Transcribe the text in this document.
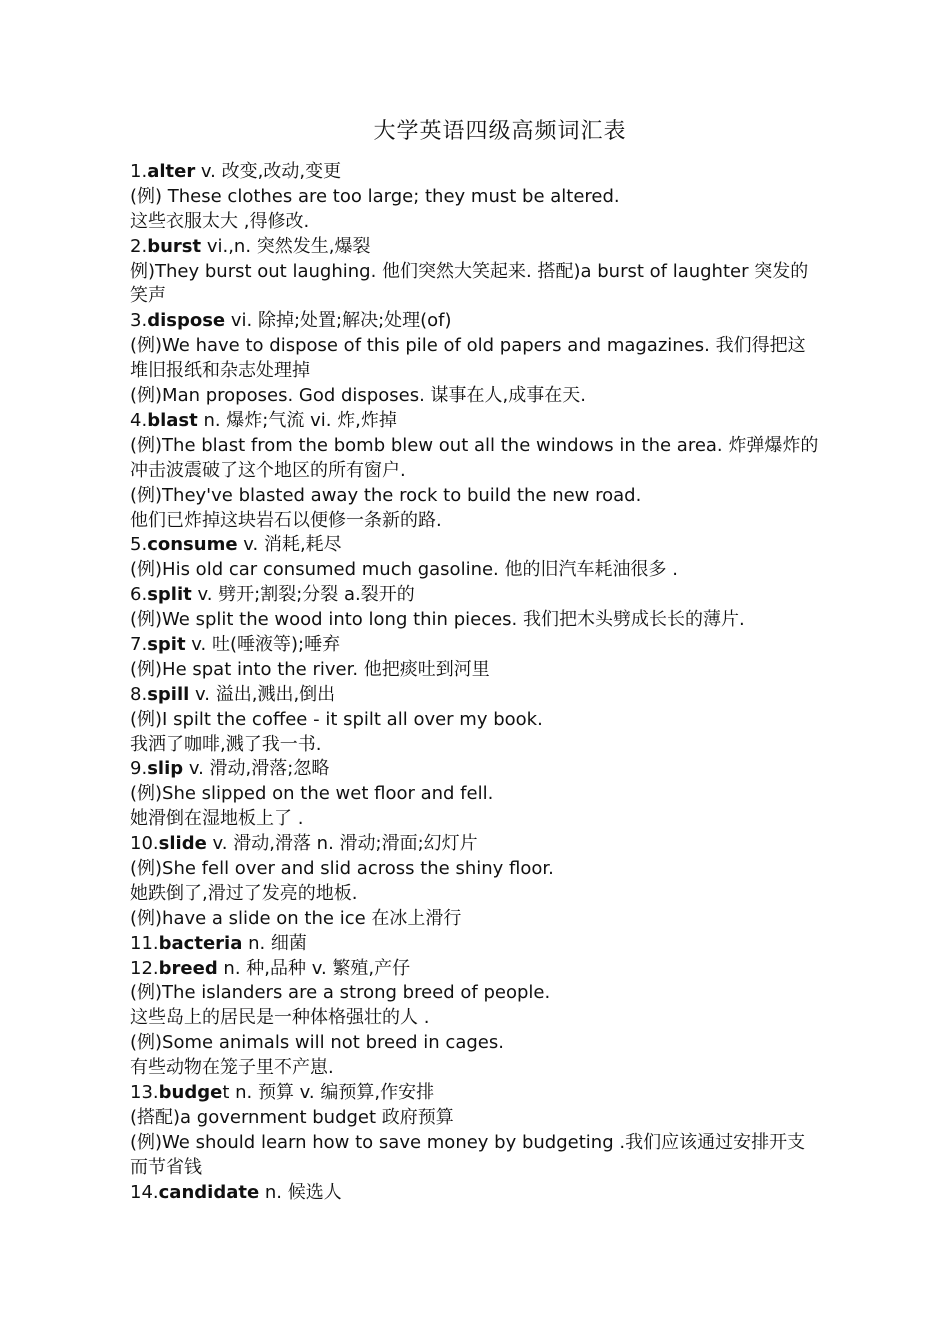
大学英语四级高频词汇表
1.alter v. 改变,改动,变更
(例) These clothes are too large; they must be altered.
这些衣服太大 ,得修改.
2.burst vi.,n. 突然发生,爆裂
例)They burst out laughing. 他们突然大笑起来. 搭配)a burst of laughter 突发的笑声
3.dispose vi. 除掉;处置;解决;处理(of)
(例)We have to dispose of this pile of old papers and magazines. 我们得把这堆旧报纸和杂志处理掉
(例)Man proposes. God disposes. 谋事在人,成事在天.
4.blast n. 爆炸;气流 vi. 炸,炸掉
(例)The blast from the bomb blew out all the windows in the area. 炸弹爆炸的冲击波震破了这个地区的所有窗户.
(例)They've blasted away the rock to build the new road.
他们已炸掉这块岩石以便修一条新的路.
5.consume v. 消耗,耗尽
(例)His old car consumed much gasoline. 他的旧汽车耗油很多 .
6.split v. 劈开;割裂;分裂 a.裂开的
(例)We split the wood into long thin pieces. 我们把木头劈成长长的薄片.
7.spit v. 吐(唾液等);唾弃
(例)He spat into the river. 他把痰吐到河里
8.spill v. 溢出,溅出,倒出
(例)I spilt the coffee - it spilt all over my book.
我洒了咖啡,溅了我一书.
9.slip v. 滑动,滑落;忽略
(例)She slipped on the wet floor and fell.
她滑倒在湿地板上了 .
10.slide v. 滑动,滑落 n. 滑动;滑面;幻灯片
(例)She fell over and slid across the shiny floor.
她跌倒了,滑过了发亮的地板.
(例)have a slide on the ice 在冰上滑行
11.bacteria n. 细菌
12.breed n. 种,品种 v. 繁殖,产仔
(例)The islanders are a strong breed of people.
这些岛上的居民是一种体格强壮的人 .
(例)Some animals will not breed in cages.
有些动物在笼子里不产崽.
13.budget n. 预算 v. 编预算,作安排
(搭配)a government budget 政府预算
(例)We should learn how to save money by budgeting .我们应该通过安排开支而节省钱
14.candidate n. 候选人
